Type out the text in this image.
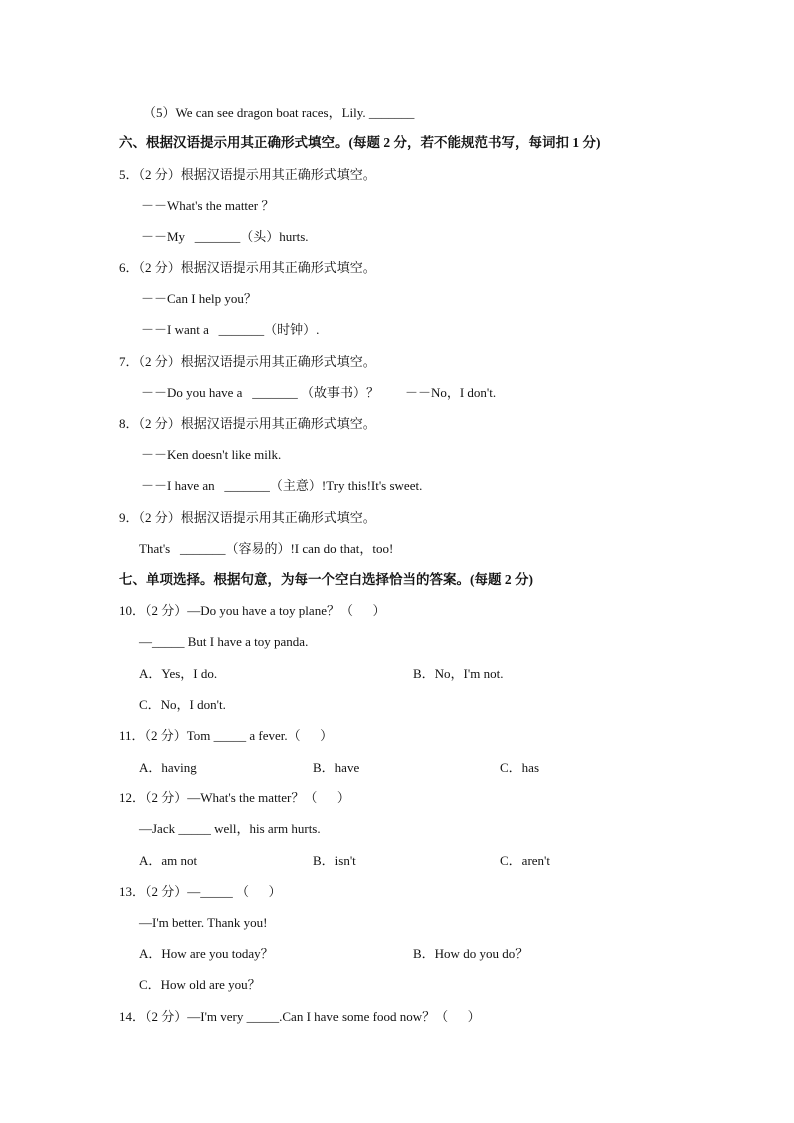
（5）We can see dragon boat races，Lily. _______
六、根据汉语提示用其正确形式填空。(每题 2 分，若不能规范书写，每词扣 1 分)
5．（2 分）根据汉语提示用其正确形式填空。
－－What's the matter ？
－－My   _______（头）hurts.
6．（2 分）根据汉语提示用其正确形式填空。
－－Can I help you？
－－I want a   _______（时钟）.
7．（2 分）根据汉语提示用其正确形式填空。
－－Do you have a   _______ （故事书）？        －－No，I don't.
8．（2 分）根据汉语提示用其正确形式填空。
－－Ken doesn't like milk.
－－I have an   _______（主意）!Try this!It's sweet.
9．（2 分）根据汉语提示用其正确形式填空。
That's   _______（容易的）!I can do that，too!
七、单项选择。根据句意，为每一个空白选择恰当的答案。(每题 2 分)
10．（2 分）—Do you have a toy plane？（      ）
—_____ But I have a toy panda.
A．Yes，I do.	B．No，I'm not.
C．No，I don't.
11．（2 分）Tom _____ a fever.（      ）
A．having	B．have	C．has
12．（2 分）—What's the matter？（      ）
—Jack _____ well，his arm hurts.
A．am not	B．isn't	C．aren't
13．（2 分）—_____ （      ）
—I'm better. Thank you!
A．How are you today？	B．How do you do？
C．How old are you？
14．（2 分）—I'm very _____.Can I have some food now？（      ）
